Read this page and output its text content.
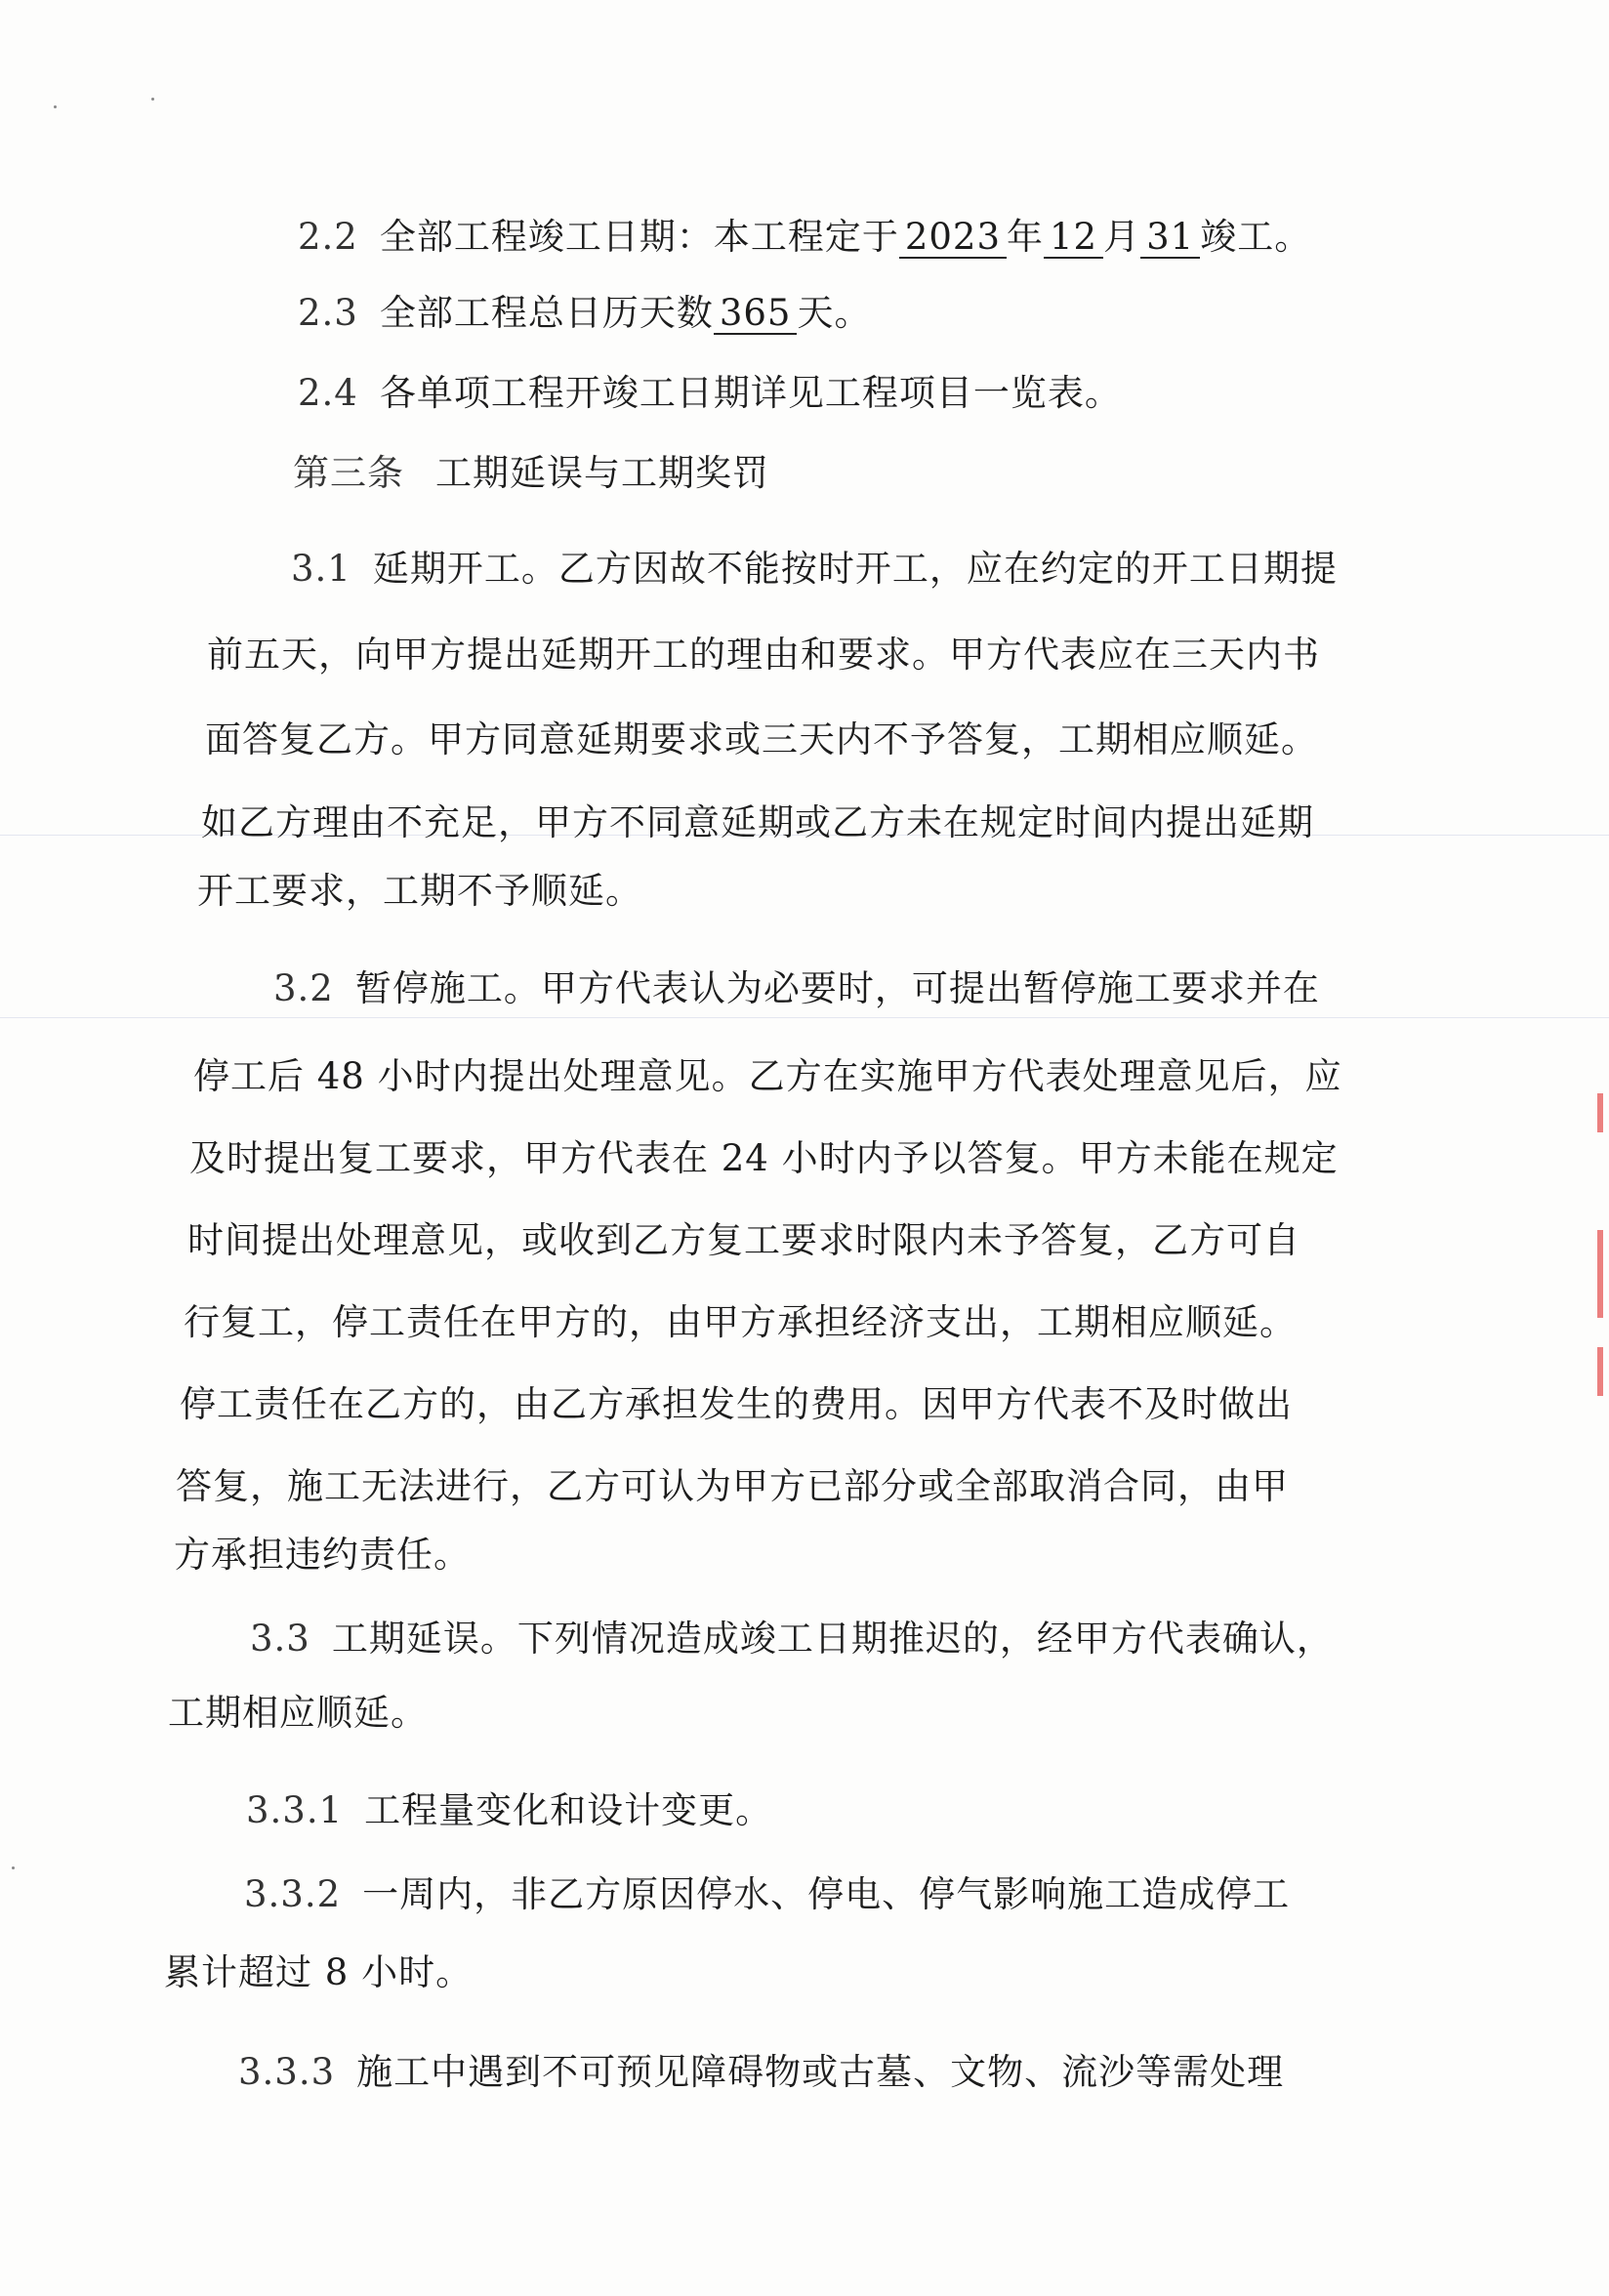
2.2 全部工程竣工日期：本工程定于 2023 年 12 月 31 竣工。
2.3 全部工程总日历天数 365 天。
2.4 各单项工程开竣工日期详见工程项目一览表。
第三条 工期延误与工期奖罚
3.1 延期开工。乙方因故不能按时开工，应在约定的开工日期提
前五天，向甲方提出延期开工的理由和要求。甲方代表应在三天内书
面答复乙方。甲方同意延期要求或三天内不予答复，工期相应顺延。
如乙方理由不充足，甲方不同意延期或乙方未在规定时间内提出延期
开工要求，工期不予顺延。
3.2 暂停施工。甲方代表认为必要时，可提出暂停施工要求并在
停工后 48 小时内提出处理意见。乙方在实施甲方代表处理意见后，应
及时提出复工要求，甲方代表在 24 小时内予以答复。甲方未能在规定
时间提出处理意见，或收到乙方复工要求时限内未予答复，乙方可自
行复工，停工责任在甲方的，由甲方承担经济支出，工期相应顺延。
停工责任在乙方的，由乙方承担发生的费用。因甲方代表不及时做出
答复，施工无法进行，乙方可认为甲方已部分或全部取消合同，由甲
方承担违约责任。
3.3 工期延误。下列情况造成竣工日期推迟的，经甲方代表确认，
工期相应顺延。
3.3.1 工程量变化和设计变更。
3.3.2 一周内，非乙方原因停水、停电、停气影响施工造成停工
累计超过 8 小时。
3.3.3 施工中遇到不可预见障碍物或古墓、文物、流沙等需处理
